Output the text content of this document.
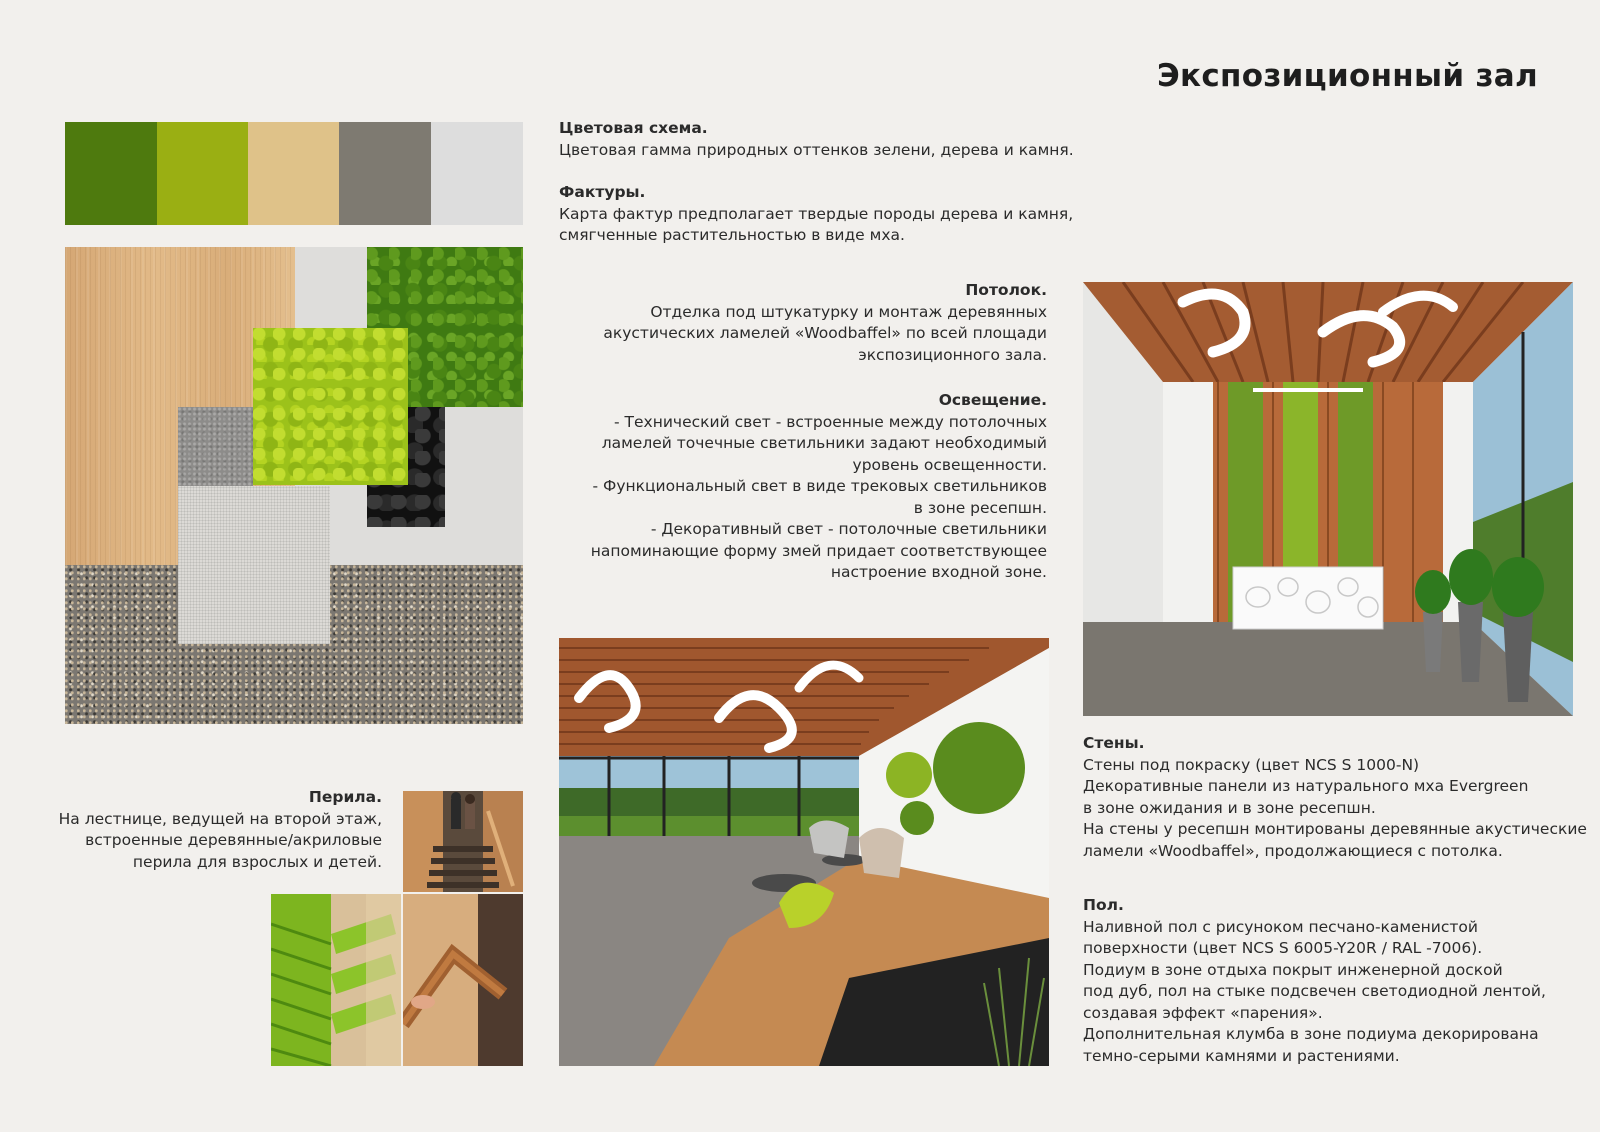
Экспозиционный зал
Цветовая схема.
Цветовая гамма природных оттенков зелени, дерева и камня.
Фактуры.
Карта фактур предполагает твердые породы дерева и камня,
смягченные растительностью в виде мха.
Потолок.
Отделка под штукатурку и монтаж деревянных
акустических ламелей «Woodbaffel» по всей площади
экспозиционного зала.
Освещение.
- Технический свет - встроенные между потолочных
ламелей точечные светильники задают необходимый
уровень освещенности.
- Функциональный свет в виде трековых светильников
в зоне ресепшн.
- Декоративный свет - потолочные светильники
напоминающие форму змей придает соответствующее
настроение входной зоне.
Стены.
Стены под покраску (цвет NCS S 1000-N)
Декоративные панели из натурального мха Evergreen
в зоне ожидания и в зоне ресепшн.
На стены у ресепшн монтированы деревянные акустические
ламели «Woodbaffel», продолжающиеся с потолка.
Пол.
Наливной пол с рисуноком песчано-каменистой
поверхности (цвет NCS S 6005-Y20R / RAL -7006).
Подиум в зоне отдыха покрыт инженерной доской
под дуб, пол на стыке подсвечен светодиодной лентой,
создавая эффект «парения».
Дополнительная клумба в зоне подиума декорирована
темно-серыми камнями и растениями.
Перила.
На лестнице, ведущей на второй этаж,
встроенные деревянные/акриловые
перила для взрослых и детей.
